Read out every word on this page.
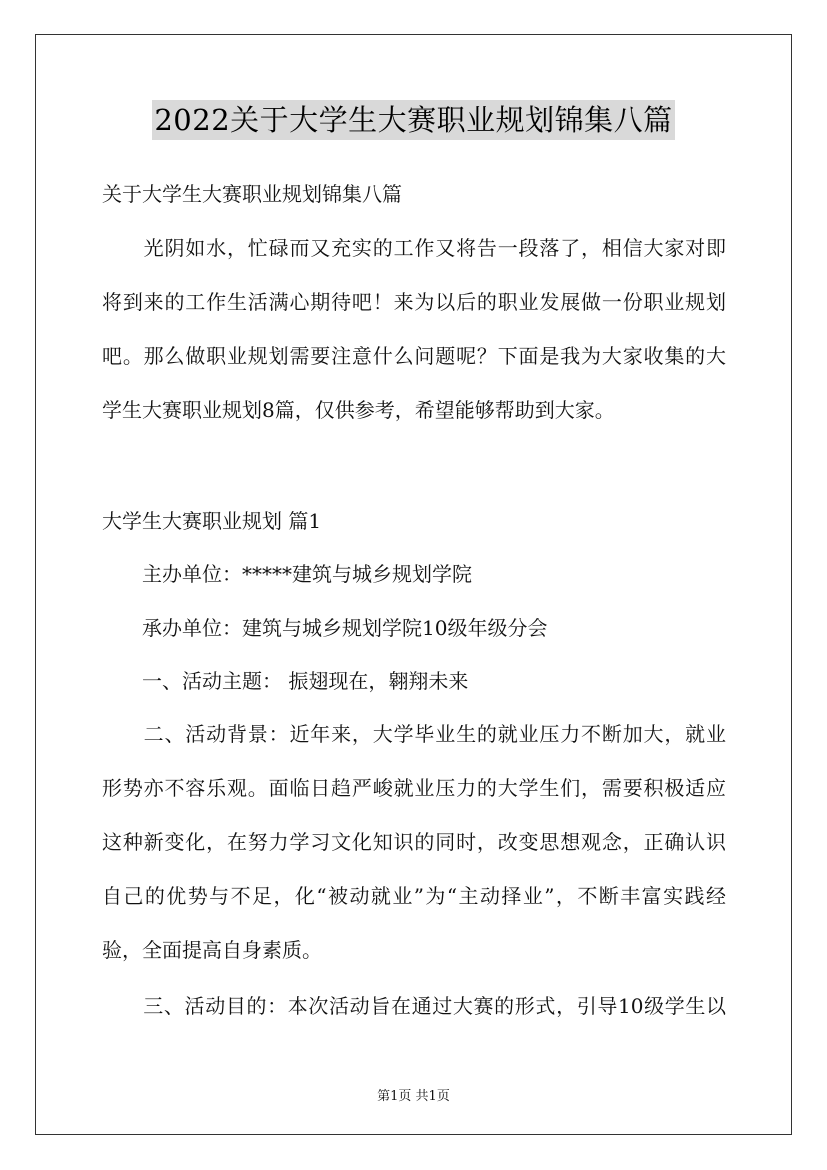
2022关于大学生大赛职业规划锦集八篇
关于大学生大赛职业规划锦集八篇
　　光阴如水，忙碌而又充实的工作又将告一段落了，相信大家对即
将到来的工作生活满心期待吧！来为以后的职业发展做一份职业规划
吧。那么做职业规划需要注意什么问题呢？下面是我为大家收集的大
学生大赛职业规划8篇，仅供参考，希望能够帮助到大家。
大学生大赛职业规划 篇1
　　主办单位：*****建筑与城乡规划学院
　　承办单位：建筑与城乡规划学院10级年级分会
　　一、活动主题： 振翅现在，翱翔未来
　　二、活动背景：近年来，大学毕业生的就业压力不断加大，就业
形势亦不容乐观。面临日趋严峻就业压力的大学生们，需要积极适应
这种新变化，在努力学习文化知识的同时，改变思想观念，正确认识
自己的优势与不足，化“被动就业”为“主动择业”，不断丰富实践经
验，全面提高自身素质。
　　三、活动目的：本次活动旨在通过大赛的形式，引导10级学生以
第1页 共1页
